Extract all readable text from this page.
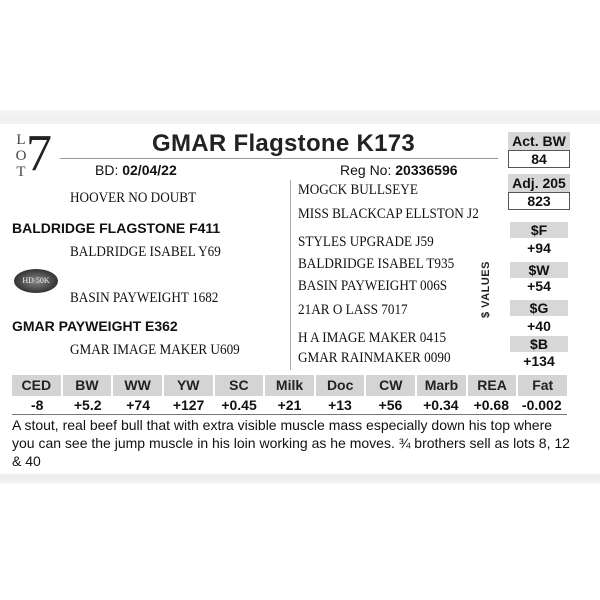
L
O
T 7	GMAR Flagstone K173
BD: 02/04/22	Reg No: 20336596
HOOVER NO DOUBT
BALDRIDGE FLAGSTONE F411
BALDRIDGE ISABEL Y69
HD 50K
BASIN PAYWEIGHT 1682
GMAR PAYWEIGHT E362
GMAR IMAGE MAKER U609
MOGCK BULLSEYE
MISS BLACKCAP ELLSTON J2
STYLES UPGRADE J59
BALDRIDGE ISABEL T935
BASIN PAYWEIGHT 006S
21AR O LASS 7017
H A IMAGE MAKER 0415
GMAR RAINMAKER 0090
Act. BW
84
Adj. 205
823
$ VALUES
$F
+94
$W
+54
$G
+40
$B
+134
CED	BW	WW	YW	SC	Milk	Doc	CW	Marb	REA	Fat
-8	+5.2	+74	+127	+0.45	+21	+13	+56	+0.34	+0.68 -0.002
A stout, real beef bull that with extra visible muscle mass especially down his top where you can see the jump muscle in his loin working as he moves. ¾ brothers sell as lots 8, 12 & 40
